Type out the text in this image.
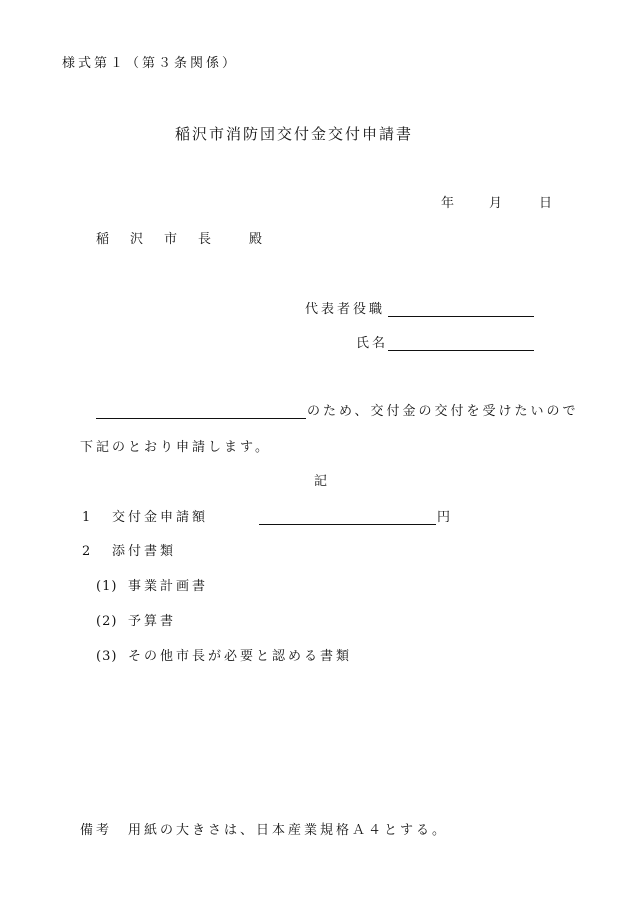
様式第１（第３条関係）
稲沢市消防団交付金交付申請書
年 月	日
稲　沢　市　長　　殿
代表者役職
氏名
のため、交付金の交付を受けたいので
下記のとおり申請します。
記
1 交付金申請額	円
2 添付書類
(1) 事業計画書
(2) 予算書
(3) その他市長が必要と認める書類
備考 用紙の大きさは、日本産業規格Ａ４とする。
